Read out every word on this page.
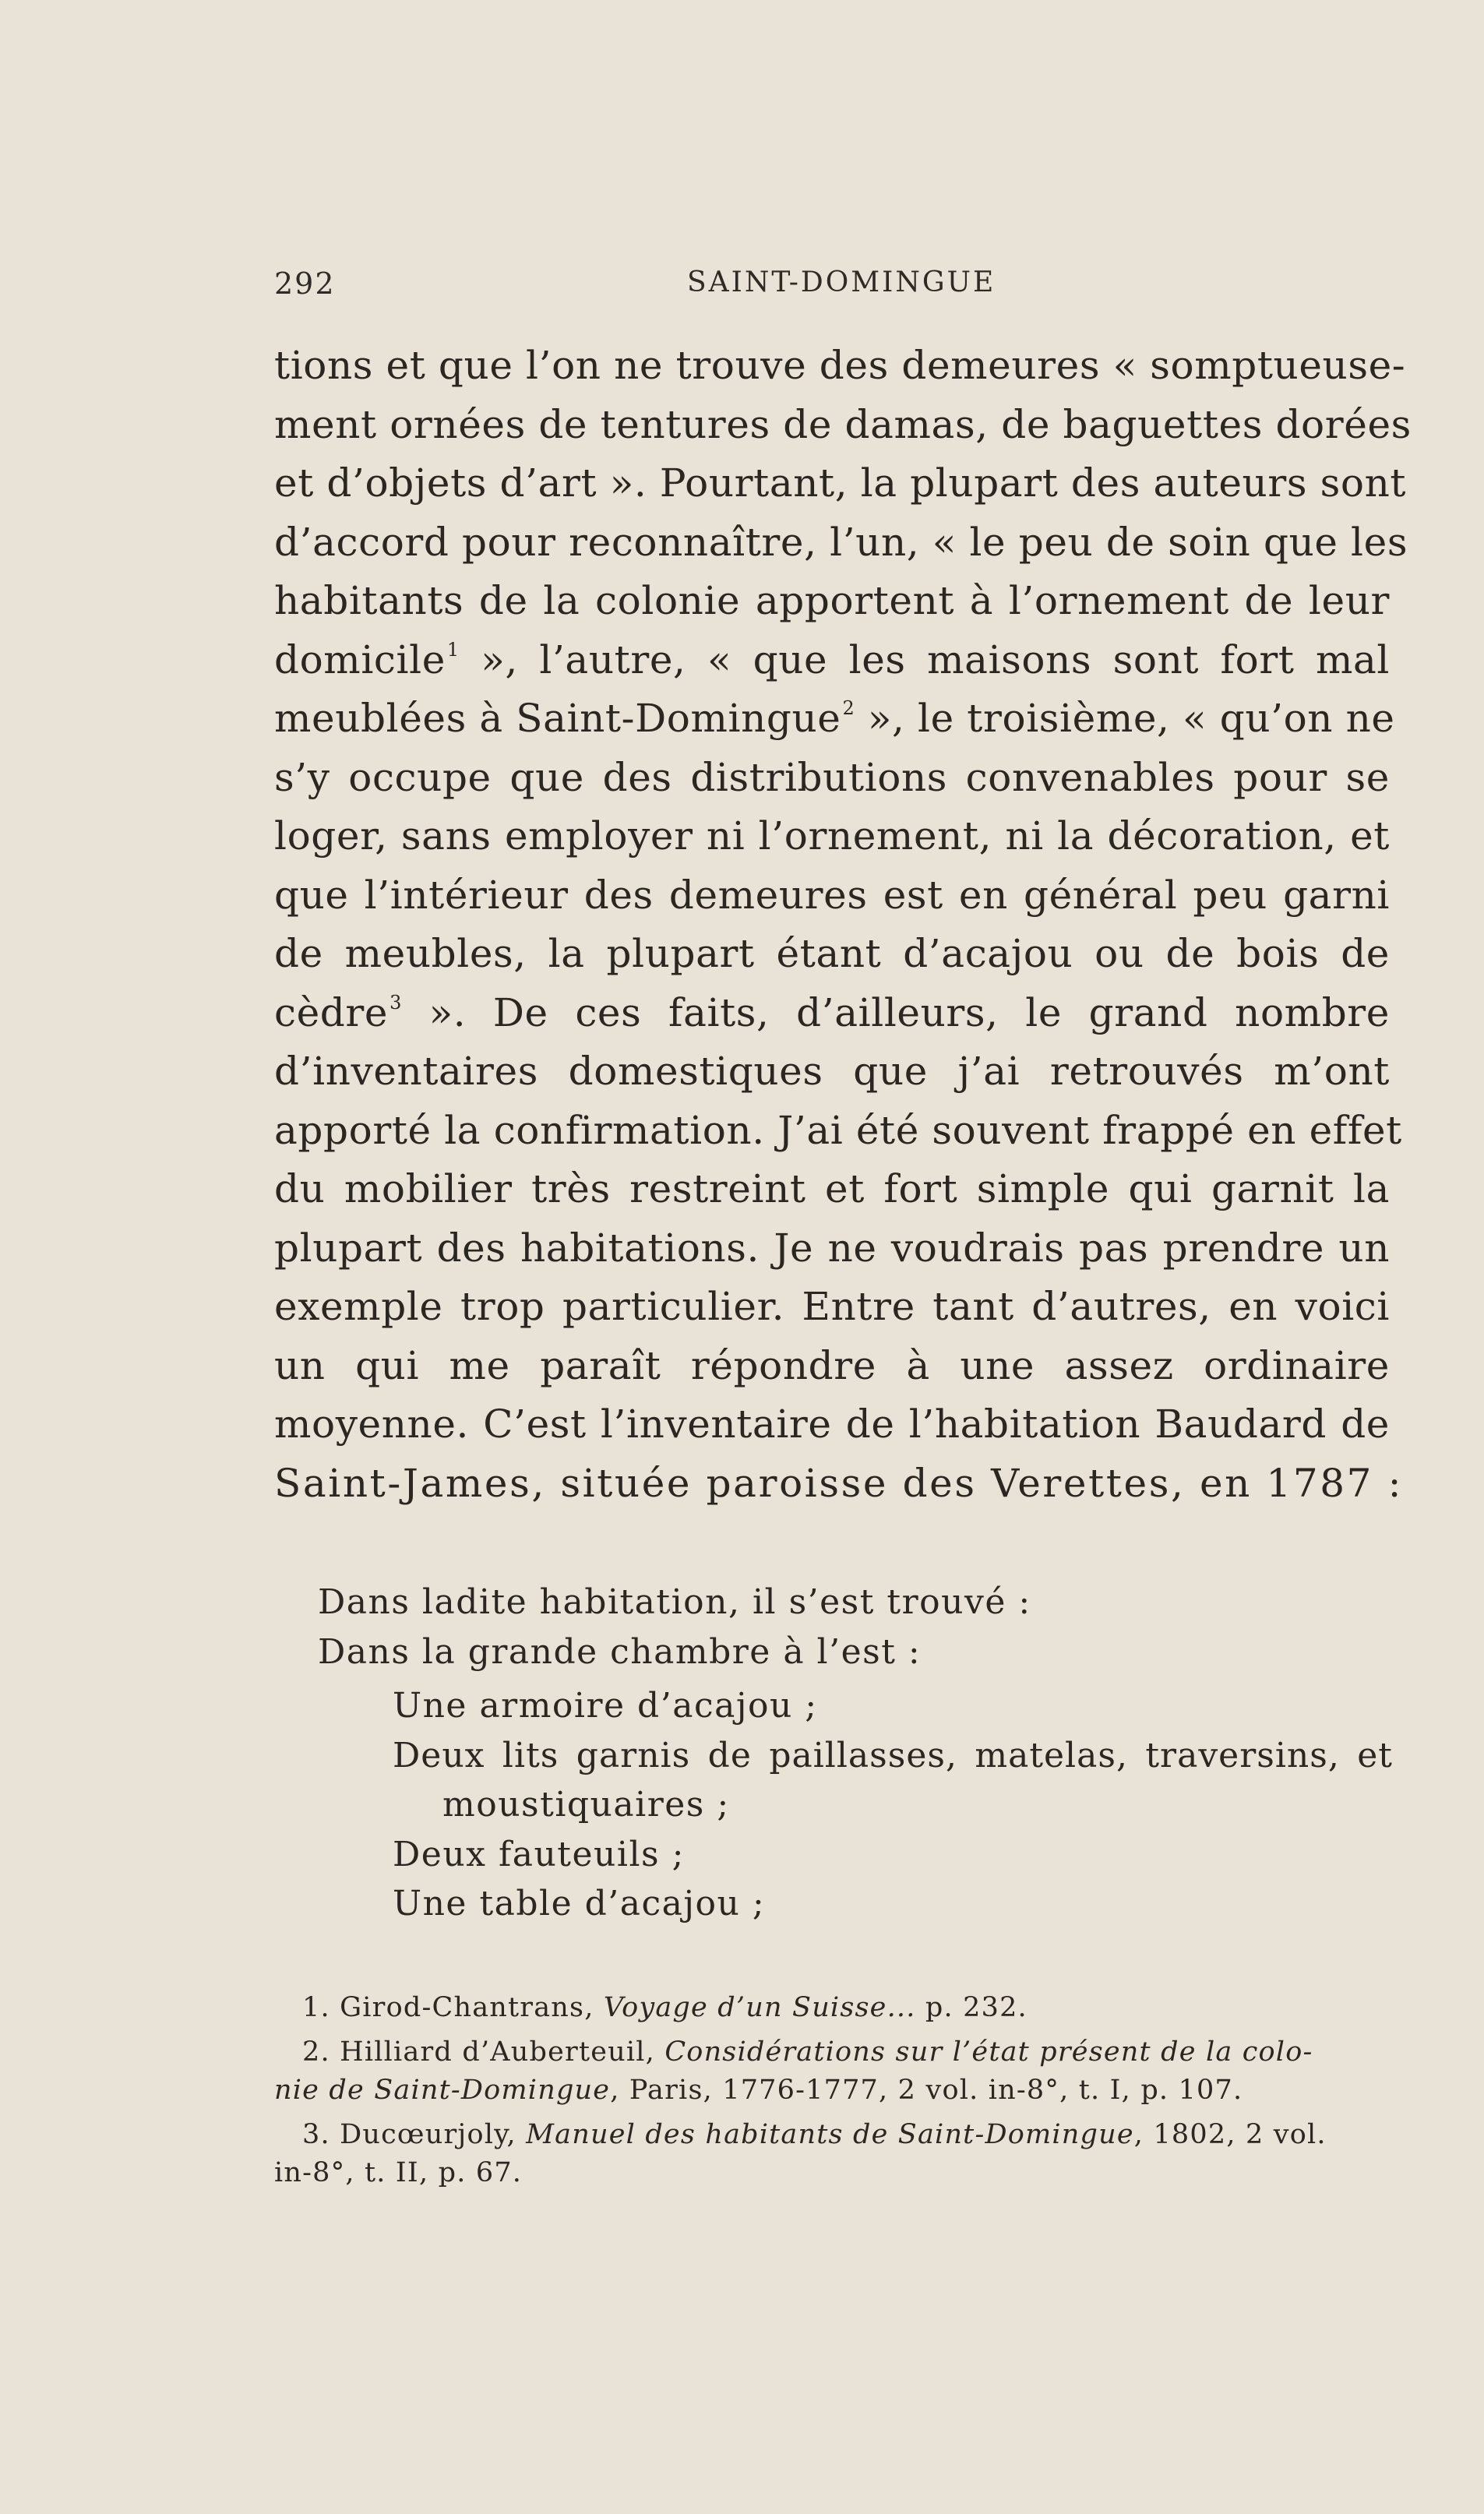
292	SAINT-DOMINGUE
tions et que l’on ne trouve des demeures « somptueuse-
ment ornées de tentures de damas, de baguettes dorées
et d’objets d’art ». Pourtant, la plupart des auteurs sont
d’accord pour reconnaître, l’un, « le peu de soin que les
habitants de la colonie apportent à l’ornement de leur
domicile$^1$ », l’autre, « que les maisons sont fort mal
meublées à Saint-Domingue$^2$ », le troisième, « qu’on ne
s’y occupe que des distributions convenables pour se
loger, sans employer ni l’ornement, ni la décoration, et
que l’intérieur des demeures est en général peu garni
de meubles, la plupart étant d’acajou ou de bois de
cèdre$^3$ ». De ces faits, d’ailleurs, le grand nombre
d’inventaires domestiques que j’ai retrouvés m’ont
apporté la confirmation. J’ai été souvent frappé en effet
du mobilier très restreint et fort simple qui garnit la
plupart des habitations. Je ne voudrais pas prendre un
exemple trop particulier. Entre tant d’autres, en voici
un qui me paraît répondre à une assez ordinaire
moyenne. C’est l’inventaire de l’habitation Baudard de
Saint-James, située paroisse des Verettes, en 1787 :
Dans ladite habitation, il s’est trouvé :
Dans la grande chambre à l’est :
Une armoire d’acajou ;
Deux lits garnis de paillasses, matelas, traversins, et
moustiquaires ;
Deux fauteuils ;
Une table d’acajou ;
1. Girod-Chantrans, Voyage d’un Suisse... p. 232.
2. Hilliard d’Auberteuil, Considérations sur l’état présent de la colo-
nie de Saint-Domingue, Paris, 1776-1777, 2 vol. in-8°, t. I, p. 107.
3. Ducœurjoly, Manuel des habitants de Saint-Domingue, 1802, 2 vol.
in-8°, t. II, p. 67.
